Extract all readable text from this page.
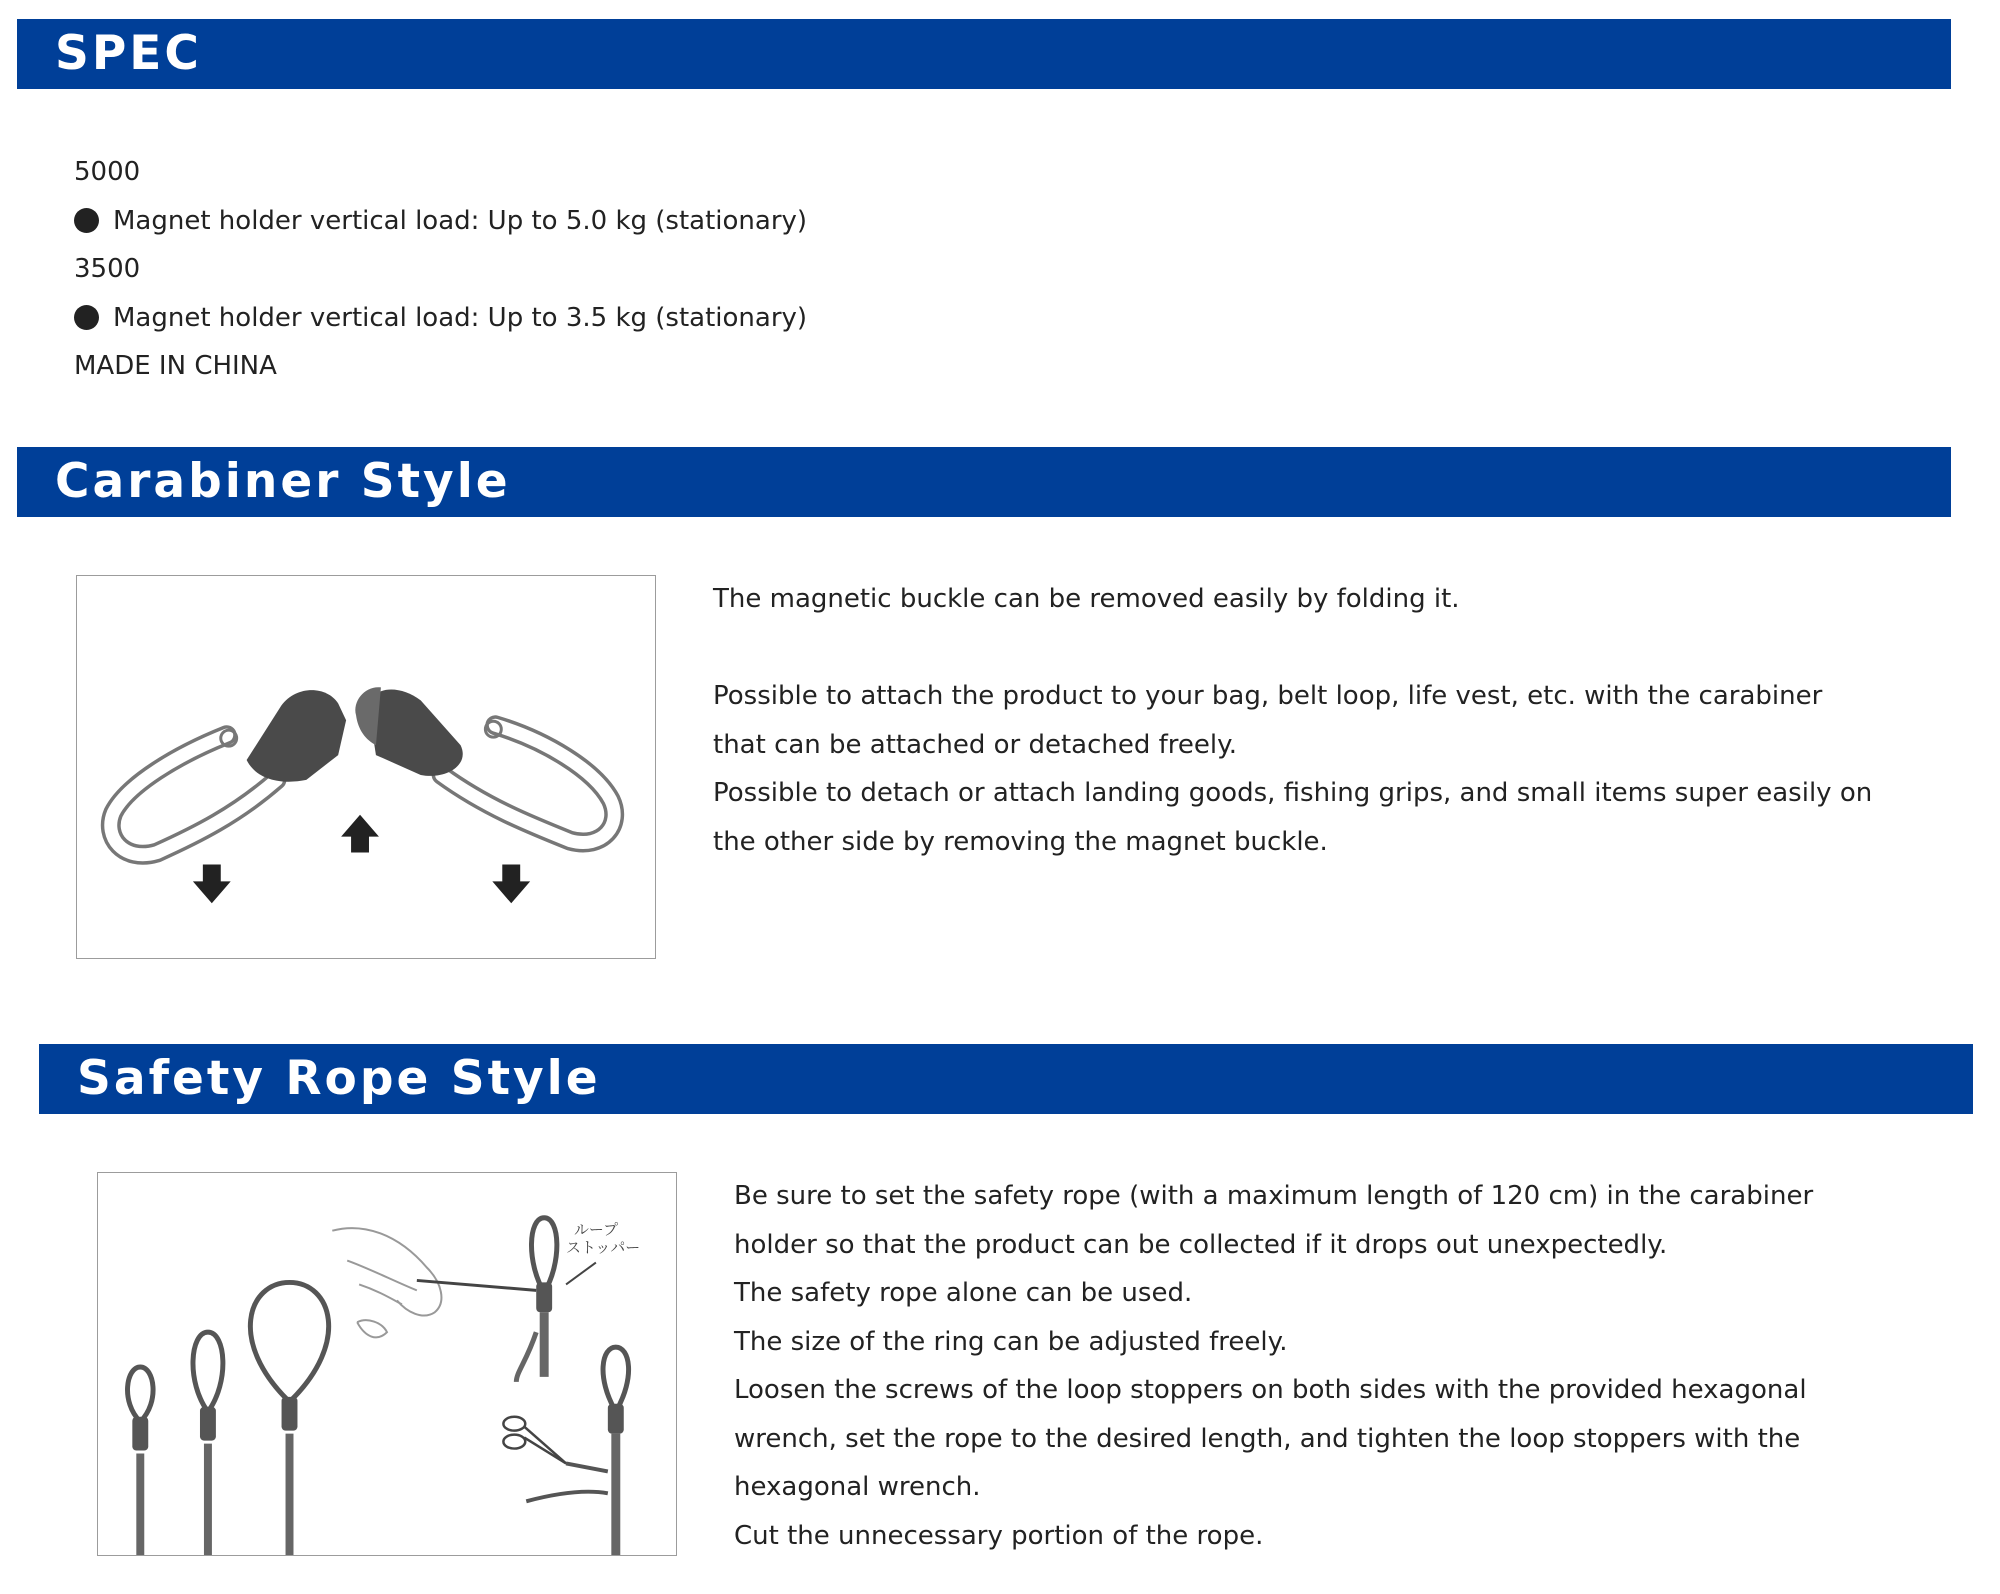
SPEC
5000
Magnet holder vertical load: Up to 5.0 kg (stationary)
3500
Magnet holder vertical load: Up to 3.5 kg (stationary)
MADE IN CHINA
Carabiner Style
The magnetic buckle can be removed easily by folding it.
Possible to attach the product to your bag, belt loop, life vest, etc. with the carabiner
that can be attached or detached freely.
Possible to detach or attach landing goods, fishing grips, and small items super easily on
the other side by removing the magnet buckle.
Safety Rope Style
ループ
ストッパー
Be sure to set the safety rope (with a maximum length of 120 cm) in the carabiner
holder so that the product can be collected if it drops out unexpectedly.
The safety rope alone can be used.
The size of the ring can be adjusted freely.
Loosen the screws of the loop stoppers on both sides with the provided hexagonal
wrench, set the rope to the desired length, and tighten the loop stoppers with the
hexagonal wrench.
Cut the unnecessary portion of the rope.
